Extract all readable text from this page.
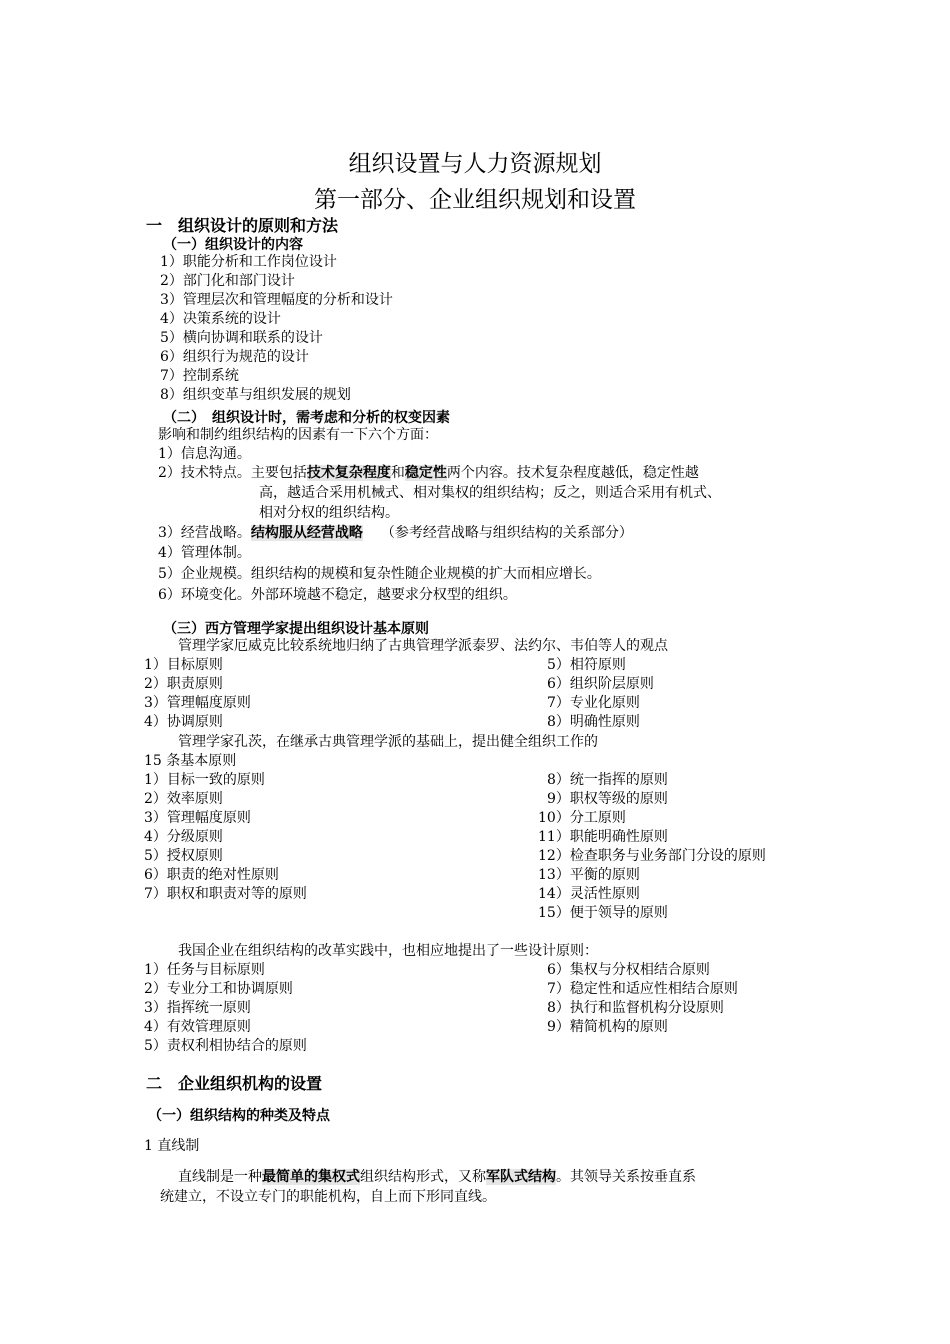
组织设置与人力资源规划
第一部分、企业组织规划和设置
一　组织设计的原则和方法
（一）组织设计的内容
1）职能分析和工作岗位设计
2）部门化和部门设计
3）管理层次和管理幅度的分析和设计
4）决策系统的设计
5）横向协调和联系的设计
6）组织行为规范的设计
7）控制系统
8）组织变革与组织发展的规划
（二）　组织设计时，需考虑和分析的权变因素
影响和制约组织结构的因素有一下六个方面：
1）信息沟通。
2）技术特点。主要包括技术复杂程度和稳定性两个内容。技术复杂程度越低，稳定性越
高，越适合采用机械式、相对集权的组织结构；反之，则适合采用有机式、
相对分权的组织结构。
3）经营战略。结构服从经营战略 （参考经营战略与组织结构的关系部分）
4）管理体制。
5）企业规模。组织结构的规模和复杂性随企业规模的扩大而相应增长。
6）环境变化。外部环境越不稳定，越要求分权型的组织。
（三）西方管理学家提出组织设计基本原则
管理学家厄威克比较系统地归纳了古典管理学派泰罗、法约尔、韦伯等人的观点
1）目标原则
2）职责原则
3）管理幅度原则
4）协调原则
5）相符原则
6）组织阶层原则
7）专业化原则
8）明确性原则
管理学家孔茨，在继承古典管理学派的基础上，提出健全组织工作的
15 条基本原则
1）目标一致的原则
2）效率原则
3）管理幅度原则
4）分级原则
5）授权原则
6）职责的绝对性原则
7）职权和职责对等的原则
8）统一指挥的原则
9）职权等级的原则
10）分工原则
11）职能明确性原则
12）检查职务与业务部门分设的原则
13）平衡的原则
14）灵活性原则
15）便于领导的原则
我国企业在组织结构的改革实践中，也相应地提出了一些设计原则：
1）任务与目标原则
2）专业分工和协调原则
3）指挥统一原则
4）有效管理原则
5）责权利相协结合的原则
6）集权与分权相结合原则
7）稳定性和适应性相结合原则
8）执行和监督机构分设原则
9）精简机构的原则
二　企业组织机构的设置
（一）组织结构的种类及特点
1 直线制
直线制是一种最简单的集权式组织结构形式，又称军队式结构。其领导关系按垂直系
统建立，不设立专门的职能机构，自上而下形同直线。
